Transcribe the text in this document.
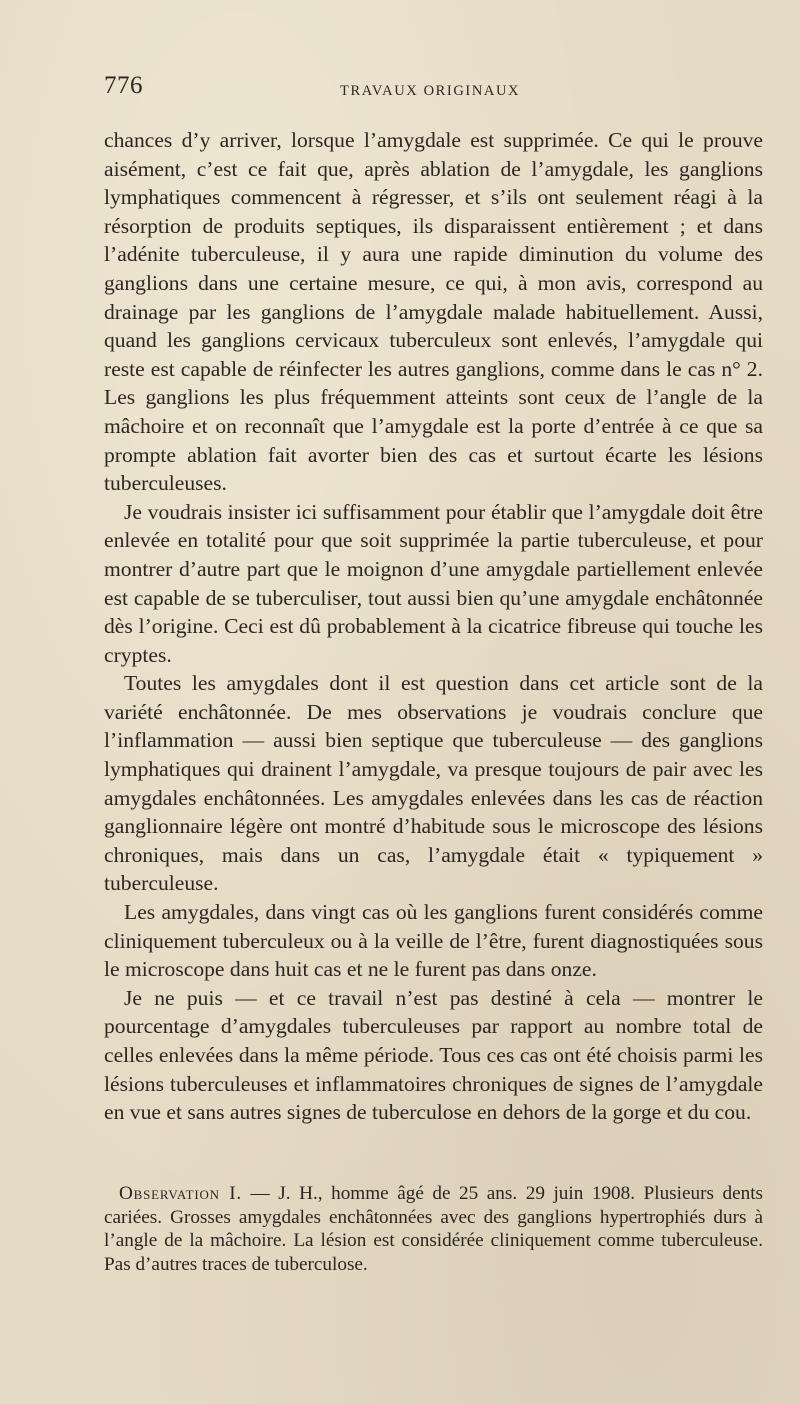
776	TRAVAUX ORIGINAUX

chances d’y arriver, lorsque l’amygdale est supprimée. Ce qui le prouve aisément, c’est ce fait que, après ablation de l’amygdale, les ganglions lymphatiques commencent à régresser, et s’ils ont seulement réagi à la résorption de produits septiques, ils disparaissent entièrement ; et dans l’adénite tuberculeuse, il y aura une rapide diminution du volume des ganglions dans une certaine mesure, ce qui, à mon avis, correspond au drainage par les ganglions de l’amygdale malade habituellement. Aussi, quand les ganglions cervicaux tuberculeux sont enlevés, l’amygdale qui reste est capable de réinfecter les autres ganglions, comme dans le cas n° 2. Les ganglions les plus fréquemment atteints sont ceux de l’angle de la mâchoire et on reconnaît que l’amygdale est la porte d’entrée à ce que sa prompte ablation fait avorter bien des cas et surtout écarte les lésions tuberculeuses.

Je voudrais insister ici suffisamment pour établir que l’amygdale doit être enlevée en totalité pour que soit supprimée la partie tuberculeuse, et pour montrer d’autre part que le moignon d’une amygdale partiellement enlevée est capable de se tuberculiser, tout aussi bien qu’une amygdale enchâtonnée dès l’origine. Ceci est dû probablement à la cicatrice fibreuse qui touche les cryptes.

Toutes les amygdales dont il est question dans cet article sont de la variété enchâtonnée. De mes observations je voudrais conclure que l’inflammation — aussi bien septique que tuberculeuse — des ganglions lymphatiques qui drainent l’amygdale, va presque toujours de pair avec les amygdales enchâtonnées. Les amygdales enlevées dans les cas de réaction ganglionnaire légère ont montré d’habitude sous le microscope des lésions chroniques, mais dans un cas, l’amygdale était « typiquement » tuberculeuse.

Les amygdales, dans vingt cas où les ganglions furent considérés comme cliniquement tuberculeux ou à la veille de l’être, furent diagnostiquées sous le microscope dans huit cas et ne le furent pas dans onze.

Je ne puis — et ce travail n’est pas destiné à cela — montrer le pourcentage d’amygdales tuberculeuses par rapport au nombre total de celles enlevées dans la même période. Tous ces cas ont été choisis parmi les lésions tuberculeuses et inflammatoires chroniques de signes de l’amygdale en vue et sans autres signes de tuberculose en dehors de la gorge et du cou.

Observation I. — J. H., homme âgé de 25 ans. 29 juin 1908. Plusieurs dents cariées. Grosses amygdales enchâtonnées avec des ganglions hypertrophiés durs à l’angle de la mâchoire. La lésion est considérée cliniquement comme tuberculeuse. Pas d’autres traces de tuberculose.
